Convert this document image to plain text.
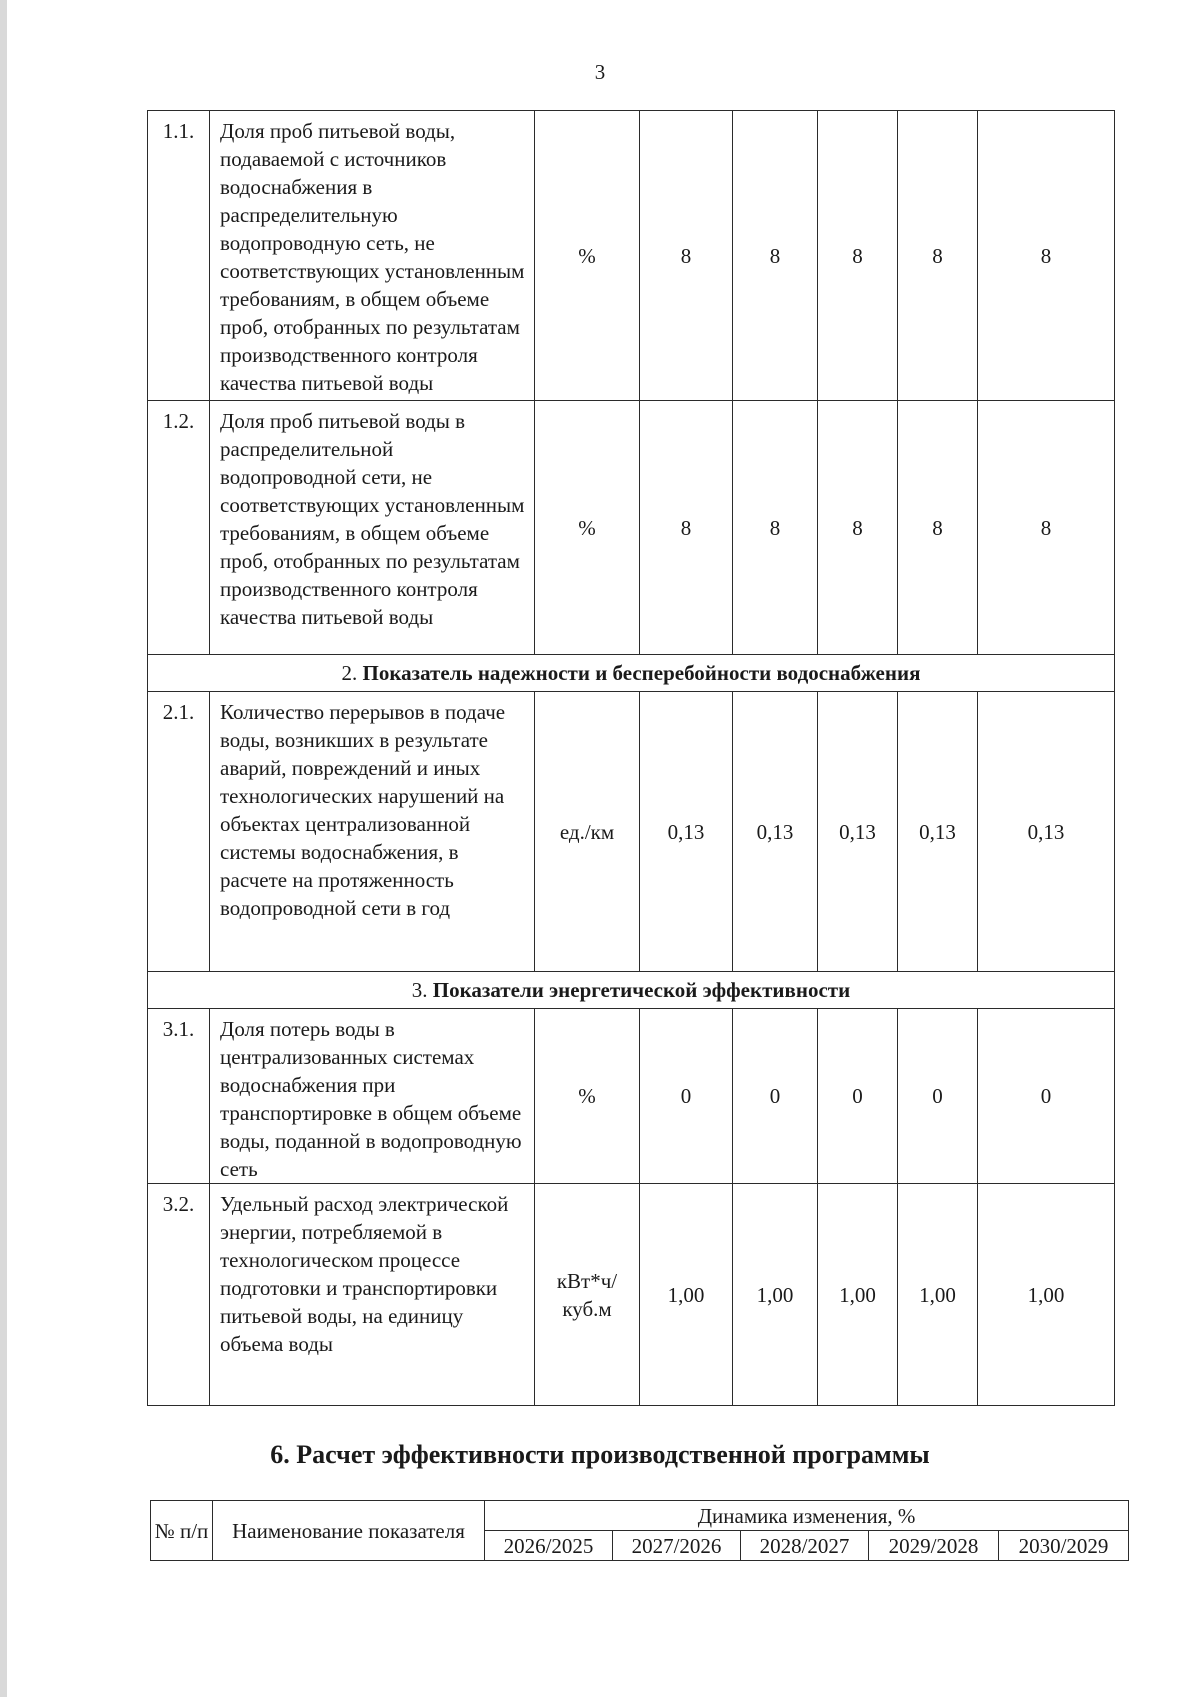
3
1.1.	Доля проб питьевой воды, подаваемой с источников водоснабжения в распределительную водопроводную сеть, не соответствующих установленным требованиям, в общем объеме проб, отобранных по результатам производственного контроля качества питьевой воды	%	8	8	8	8	8
1.2.	Доля проб питьевой воды в распределительной водопроводной сети, не соответствующих установленным требованиям, в общем объеме проб, отобранных по результатам производственного контроля качества питьевой воды	%	8	8	8	8	8
2. Показатель надежности и бесперебойности водоснабжения							
2.1.	Количество перерывов в подаче воды, возникших в результате аварий, повреждений и иных технологических нарушений на объектах централизованной системы водоснабжения, в расчете на протяженность водопроводной сети в год	ед./км	0,13	0,13	0,13	0,13	0,13
3. Показатели энергетической эффективности							
3.1.	Доля потерь воды в централизованных системах водоснабжения при транспортировке в общем объеме воды, поданной в водопроводную сеть	%	0	0	0	0	0
3.2.	Удельный расход электрической энергии, потребляемой в технологическом процессе подготовки и транспортировки питьевой воды, на единицу объема воды	кВт*ч/ куб.м	1,00	1,00	1,00	1,00	1,00
6. Расчет эффективности производственной программы
№ п/п	Наименование показателя	Динамика изменения, %				
		2026/2025	2027/2026	2028/2027	2029/2028	2030/2029
